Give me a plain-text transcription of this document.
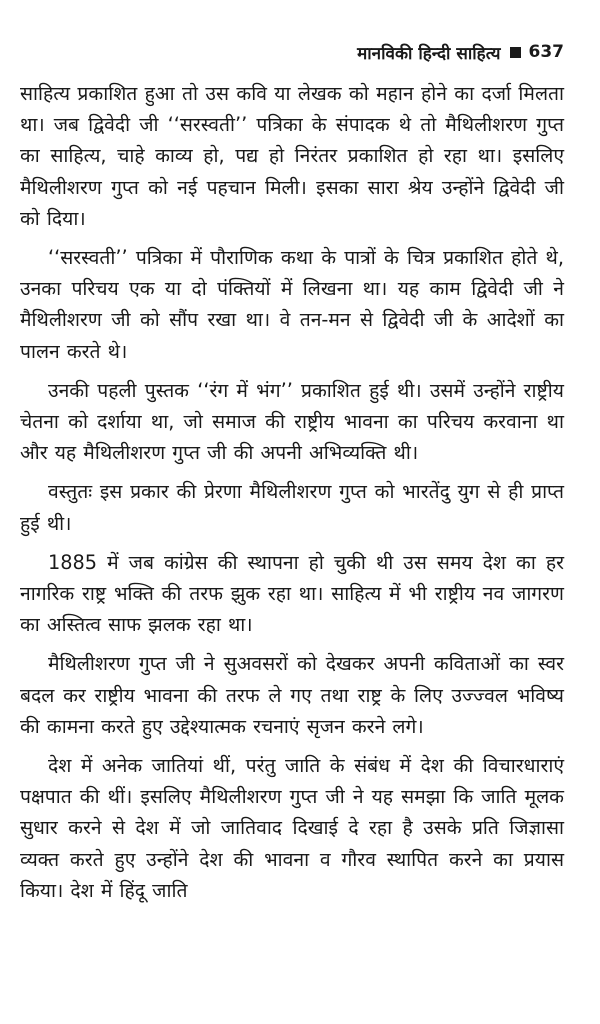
मानविकी हिन्दी साहित्य 637

साहित्य प्रकाशित हुआ तो उस कवि या लेखक को महान होने का दर्जा मिलता था। जब द्विवेदी जी ‘‘सरस्वती’’ पत्रिका के संपादक थे तो मैथिलीशरण गुप्त का साहित्य, चाहे काव्य हो, पद्य हो निरंतर प्रकाशित हो रहा था। इसलिए मैथिलीशरण गुप्त को नई पहचान मिली। इसका सारा श्रेय उन्होंने द्विवेदी जी को दिया।

‘‘सरस्वती’’ पत्रिका में पौराणिक कथा के पात्रों के चित्र प्रकाशित होते थे, उनका परिचय एक या दो पंक्तियों में लिखना था। यह काम द्विवेदी जी ने मैथिलीशरण जी को सौंप रखा था। वे तन-मन से द्विवेदी जी के आदेशों का पालन करते थे।

उनकी पहली पुस्तक ‘‘रंग में भंग’’ प्रकाशित हुई थी। उसमें उन्होंने राष्ट्रीय चेतना को दर्शाया था, जो समाज की राष्ट्रीय भावना का परिचय करवाना था और यह मैथिलीशरण गुप्त जी की अपनी अभिव्यक्ति थी।

वस्तुतः इस प्रकार की प्रेरणा मैथिलीशरण गुप्त को भारतेंदु युग से ही प्राप्त हुई थी।

1885 में जब कांग्रेस की स्थापना हो चुकी थी उस समय देश का हर नागरिक राष्ट्र भक्ति की तरफ झुक रहा था। साहित्य में भी राष्ट्रीय नव जागरण का अस्तित्व साफ झलक रहा था।

मैथिलीशरण गुप्त जी ने सुअवसरों को देखकर अपनी कविताओं का स्वर बदल कर राष्ट्रीय भावना की तरफ ले गए तथा राष्ट्र के लिए उज्ज्वल भविष्य की कामना करते हुए उद्देश्यात्मक रचनाएं सृजन करने लगे।

देश में अनेक जातियां थीं, परंतु जाति के संबंध में देश की विचारधाराएं पक्षपात की थीं। इसलिए मैथिलीशरण गुप्त जी ने यह समझा कि जाति मूलक सुधार करने से देश में जो जातिवाद दिखाई दे रहा है उसके प्रति जिज्ञासा व्यक्त करते हुए उन्होंने देश की भावना व गौरव स्थापित करने का प्रयास किया। देश में हिंदू जाति
